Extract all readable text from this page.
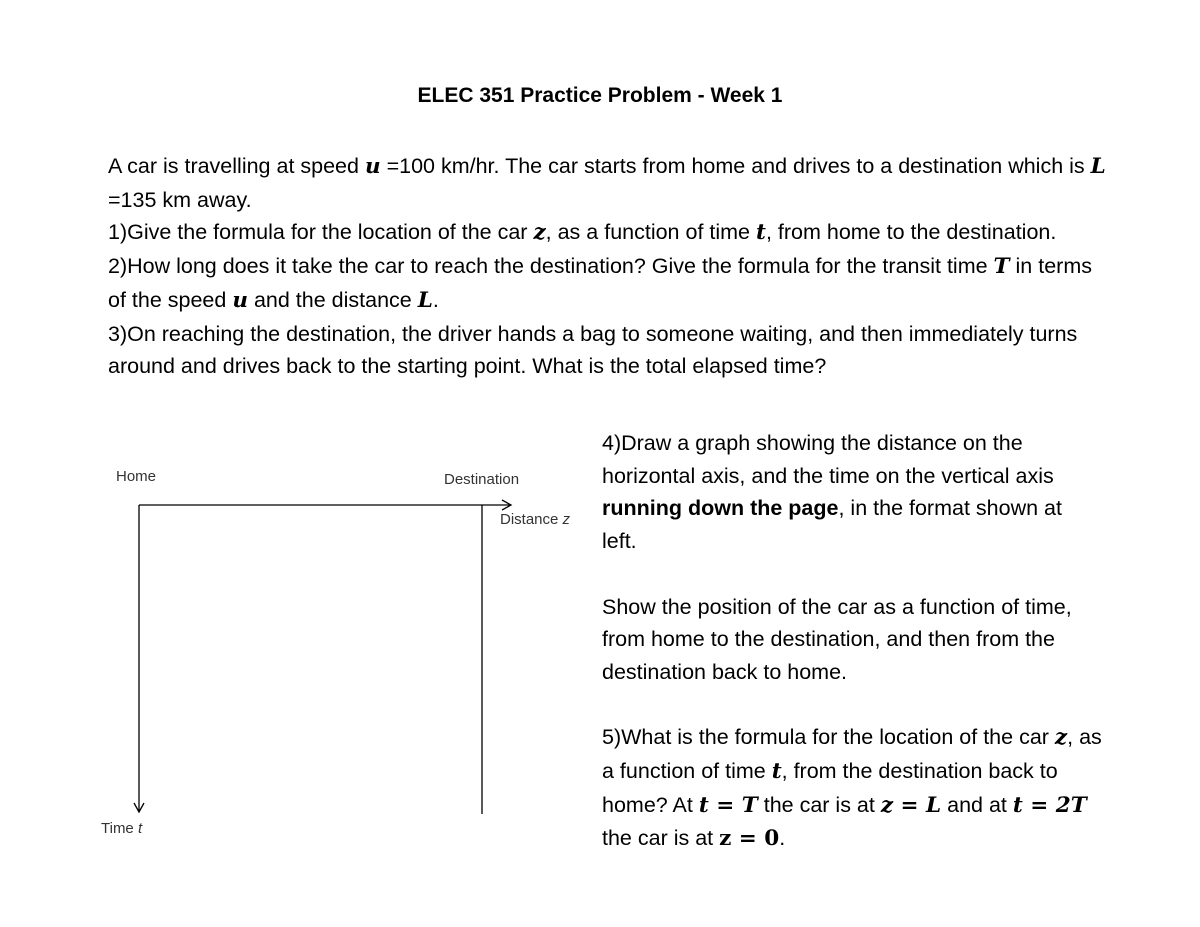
ELEC 351 Practice Problem - Week 1

A car is travelling at speed u =100 km/hr. The car starts from home and drives to a destination which is L =135 km away.

1)Give the formula for the location of the car z, as a function of time t, from home to the destination.

2)How long does it take the car to reach the destination? Give the formula for the transit time T in terms of the speed u and the distance L.

3)On reaching the destination, the driver hands a bag to someone waiting, and then immediately turns around and drives back to the starting point. What is the total elapsed time?

4)Draw a graph showing the distance on the horizontal axis, and the time on the vertical axis running down the page, in the format shown at left.

Show the position of the car as a function of time, from home to the destination, and then from the destination back to home.

5)What is the formula for the location of the car z, as a function of time t, from the destination back to home? At t = T the car is at z = L and at t = 2T the car is at z = 0.

Home	Destination
Distance z
Time t
